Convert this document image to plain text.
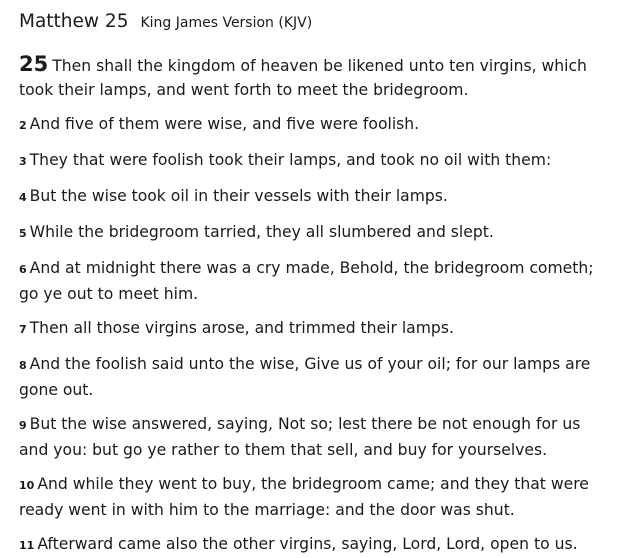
Matthew 25 King James Version (KJV)

25 Then shall the kingdom of heaven be likened unto ten virgins, which took their lamps, and went forth to meet the bridegroom.

2 And five of them were wise, and five were foolish.

3 They that were foolish took their lamps, and took no oil with them:

4 But the wise took oil in their vessels with their lamps.

5 While the bridegroom tarried, they all slumbered and slept.

6 And at midnight there was a cry made, Behold, the bridegroom cometh; go ye out to meet him.

7 Then all those virgins arose, and trimmed their lamps.

8 And the foolish said unto the wise, Give us of your oil; for our lamps are gone out.

9 But the wise answered, saying, Not so; lest there be not enough for us and you: but go ye rather to them that sell, and buy for yourselves.

10 And while they went to buy, the bridegroom came; and they that were ready went in with him to the marriage: and the door was shut.

11 Afterward came also the other virgins, saying, Lord, Lord, open to us.
